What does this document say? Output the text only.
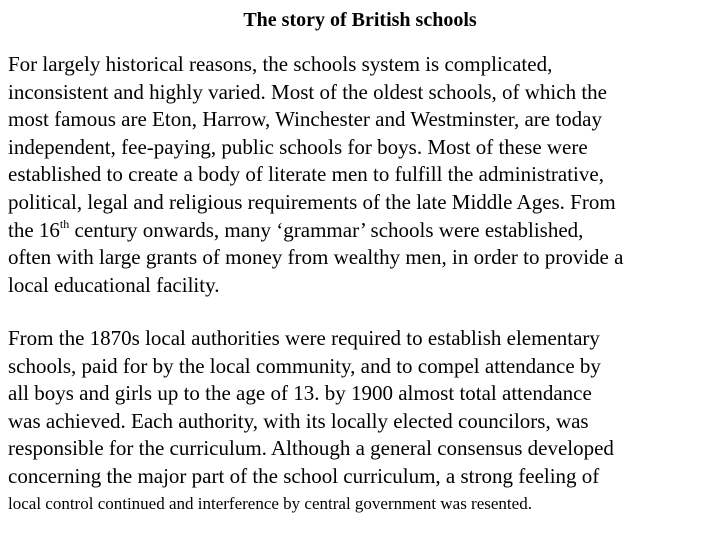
The story of British schools

For largely historical reasons, the schools system is complicated,
inconsistent and highly varied. Most of the oldest schools, of which the
most famous are Eton, Harrow, Winchester and Westminster, are today
independent, fee-paying, public schools for boys. Most of these were
established to create a body of literate men to fulfill the administrative,
political, legal and religious requirements of the late Middle Ages. From
the 16th century onwards, many ‘grammar’ schools were established,
often with large grants of money from wealthy men, in order to provide a
local educational facility.

From the 1870s local authorities were required to establish elementary
schools, paid for by the local community, and to compel attendance by
all boys and girls up to the age of 13. by 1900 almost total attendance
was achieved. Each authority, with its locally elected councilors, was
responsible for the curriculum. Although a general consensus developed
concerning the major part of the school curriculum, a strong feeling of
local control continued and interference by central government was resented.
